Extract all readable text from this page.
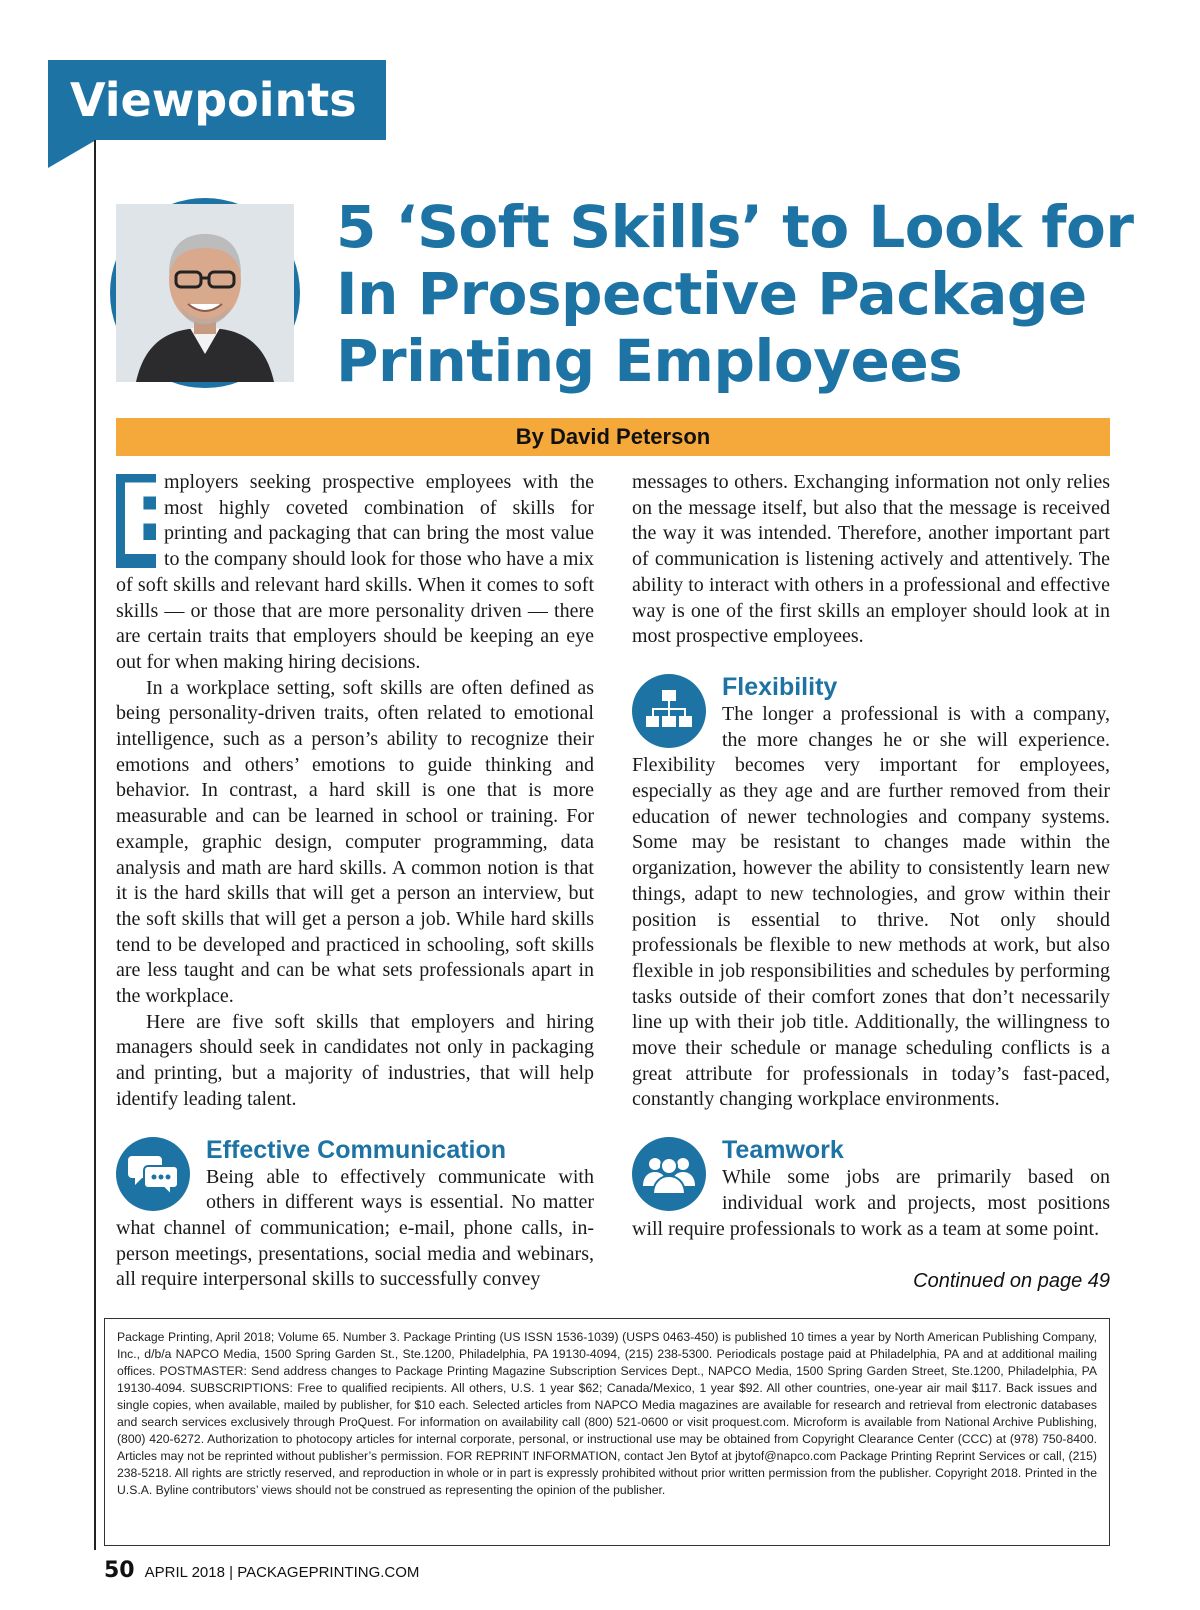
Viewpoints
5 ‘Soft Skills’ to Look for In Prospective Package Printing Employees
By David Peterson

E
mployers seeking prospective employees with the most highly coveted combination of skills for printing and packaging that can bring the most value to the company should look for those who have a mix of soft skills and relevant hard skills. When it comes to soft skills — or those that are more personality driven — there are certain traits that employers should be keeping an eye out for when making hiring decisions.

In a workplace setting, soft skills are often defined as being personality-driven traits, often related to emotional intelligence, such as a person’s ability to recognize their emotions and others’ emotions to guide thinking and behavior. In contrast, a hard skill is one that is more measurable and can be learned in school or training. For example, graphic design, computer programming, data analysis and math are hard skills. A common notion is that it is the hard skills that will get a person an interview, but the soft skills that will get a person a job. While hard skills tend to be developed and practiced in schooling, soft skills are less taught and can be what sets professionals apart in the workplace.

Here are five soft skills that employers and hiring managers should seek in candidates not only in packaging and printing, but a majority of industries, that will help identify leading talent.

Effective Communication

Being able to effectively communicate with others in different ways is essential. No matter what channel of communication; e-mail, phone calls, in-person meetings, presentations, social media and webinars, all require interpersonal skills to successfully convey

messages to others. Exchanging information not only relies on the message itself, but also that the message is received the way it was intended. Therefore, another important part of communication is listening actively and attentively. The ability to interact with others in a professional and effective way is one of the first skills an employer should look at in most prospective employees.

Flexibility

The longer a professional is with a company, the more changes he or she will experience. Flexibility becomes very important for employees, especially as they age and are further removed from their education of newer technologies and company systems. Some may be resistant to changes made within the organization, however the ability to consistently learn new things, adapt to new technologies, and grow within their position is essential to thrive. Not only should professionals be flexible to new methods at work, but also flexible in job responsibilities and schedules by performing tasks outside of their comfort zones that don’t necessarily line up with their job title. Additionally, the willingness to move their schedule or manage scheduling conflicts is a great attribute for professionals in today’s fast-paced, constantly changing workplace environments.

Teamwork

While some jobs are primarily based on individual work and projects, most positions will require professionals to work as a team at some point.

Continued on page 49
Package Printing, April 2018; Volume 65. Number 3. Package Printing (US ISSN 1536-1039) (USPS 0463-450) is published 10 times a year by North American Publishing Company, Inc., d/b/a NAPCO Media, 1500 Spring Garden St., Ste.1200, Philadelphia, PA 19130-4094, (215) 238-5300. Periodicals postage paid at Philadelphia, PA and at additional mailing offices. POSTMASTER: Send address changes to Package Printing Magazine Subscription Services Dept., NAPCO Media, 1500 Spring Garden Street, Ste.1200, Philadelphia, PA 19130-4094. SUBSCRIPTIONS: Free to qualified recipients. All others, U.S. 1 year $62; Canada/Mexico, 1 year $92. All other countries, one-year air mail $117. Back issues and single copies, when available, mailed by publisher, for $10 each. Selected articles from NAPCO Media magazines are available for research and retrieval from electronic databases and search services exclusively through ProQuest. For information on availability call (800) 521-0600 or visit proquest.com. Microform is available from National Archive Publishing, (800) 420-6272. Authorization to photocopy articles for internal corporate, personal, or instructional use may be obtained from Copyright Clearance Center (CCC) at (978) 750-8400. Articles may not be reprinted without publisher’s permission. FOR REPRINT INFORMATION, contact Jen Bytof at jbytof@napco.com Package Printing Reprint Services or call, (215) 238-5218. All rights are strictly reserved, and reproduction in whole or in part is expressly prohibited without prior written permission from the publisher. Copyright 2018. Printed in the U.S.A. Byline contributors’ views should not be construed as representing the opinion of the publisher.
50 APRIL 2018 | PACKAGEPRINTING.COM
